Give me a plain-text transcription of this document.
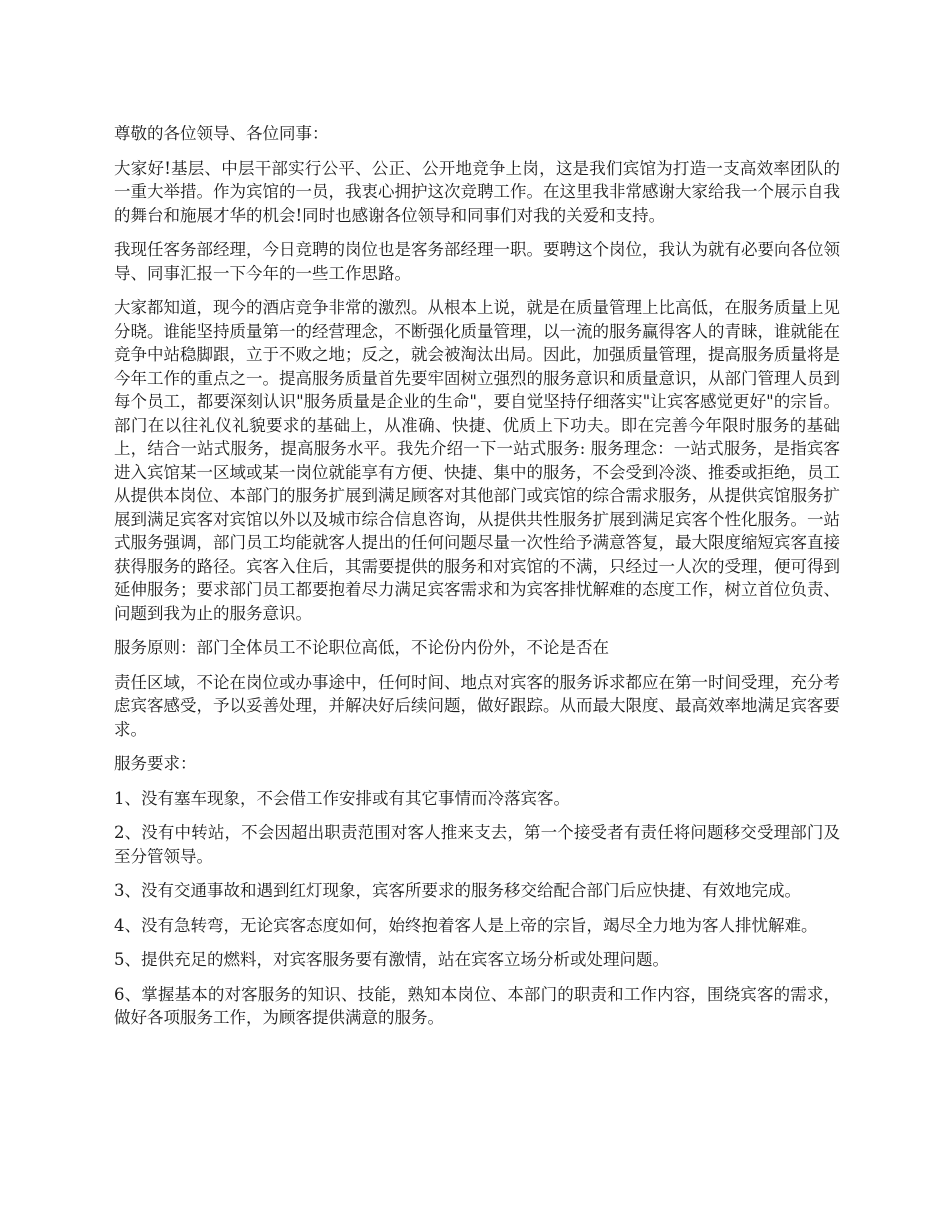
尊敬的各位领导、各位同事：

大家好!基层、中层干部实行公平、公正、公开地竞争上岗，这是我们宾馆为打造一支高效率团队的一重大举措。作为宾馆的一员，我衷心拥护这次竞聘工作。在这里我非常感谢大家给我一个展示自我的舞台和施展才华的机会!同时也感谢各位领导和同事们对我的关爱和支持。

我现任客务部经理，今日竞聘的岗位也是客务部经理一职。要聘这个岗位，我认为就有必要向各位领导、同事汇报一下今年的一些工作思路。

大家都知道，现今的酒店竞争非常的激烈。从根本上说，就是在质量管理上比高低，在服务质量上见分晓。谁能坚持质量第一的经营理念，不断强化质量管理，以一流的服务赢得客人的青睐，谁就能在竞争中站稳脚跟，立于不败之地；反之，就会被淘汰出局。因此，加强质量管理，提高服务质量将是今年工作的重点之一。提高服务质量首先要牢固树立强烈的服务意识和质量意识，从部门管理人员到每个员工，都要深刻认识"服务质量是企业的生命"，要自觉坚持仔细落实"让宾客感觉更好"的宗旨。部门在以往礼仪礼貌要求的基础上，从准确、快捷、优质上下功夫。即在完善今年限时服务的基础上，结合一站式服务，提高服务水平。我先介绍一下一站式服务: 服务理念：一站式服务，是指宾客进入宾馆某一区域或某一岗位就能享有方便、快捷、集中的服务，不会受到冷淡、推委或拒绝，员工从提供本岗位、本部门的服务扩展到满足顾客对其他部门或宾馆的综合需求服务，从提供宾馆服务扩展到满足宾客对宾馆以外以及城市综合信息咨询，从提供共性服务扩展到满足宾客个性化服务。一站式服务强调，部门员工均能就客人提出的任何问题尽量一次性给予满意答复，最大限度缩短宾客直接获得服务的路径。宾客入住后，其需要提供的服务和对宾馆的不满，只经过一人次的受理，便可得到延伸服务；要求部门员工都要抱着尽力满足宾客需求和为宾客排忧解难的态度工作，树立首位负责、问题到我为止的服务意识。

服务原则：部门全体员工不论职位高低，不论份内份外，不论是否在

责任区域，不论在岗位或办事途中，任何时间、地点对宾客的服务诉求都应在第一时间受理，充分考虑宾客感受，予以妥善处理，并解决好后续问题，做好跟踪。从而最大限度、最高效率地满足宾客要求。

服务要求：

1、没有塞车现象，不会借工作安排或有其它事情而冷落宾客。

2、没有中转站，不会因超出职责范围对客人推来支去，第一个接受者有责任将问题移交受理部门及至分管领导。

3、没有交通事故和遇到红灯现象，宾客所要求的服务移交给配合部门后应快捷、有效地完成。

4、没有急转弯，无论宾客态度如何，始终抱着客人是上帝的宗旨，竭尽全力地为客人排忧解难。

5、提供充足的燃料，对宾客服务要有激情，站在宾客立场分析或处理问题。

6、掌握基本的对客服务的知识、技能，熟知本岗位、本部门的职责和工作内容，围绕宾客的需求，做好各项服务工作，为顾客提供满意的服务。
